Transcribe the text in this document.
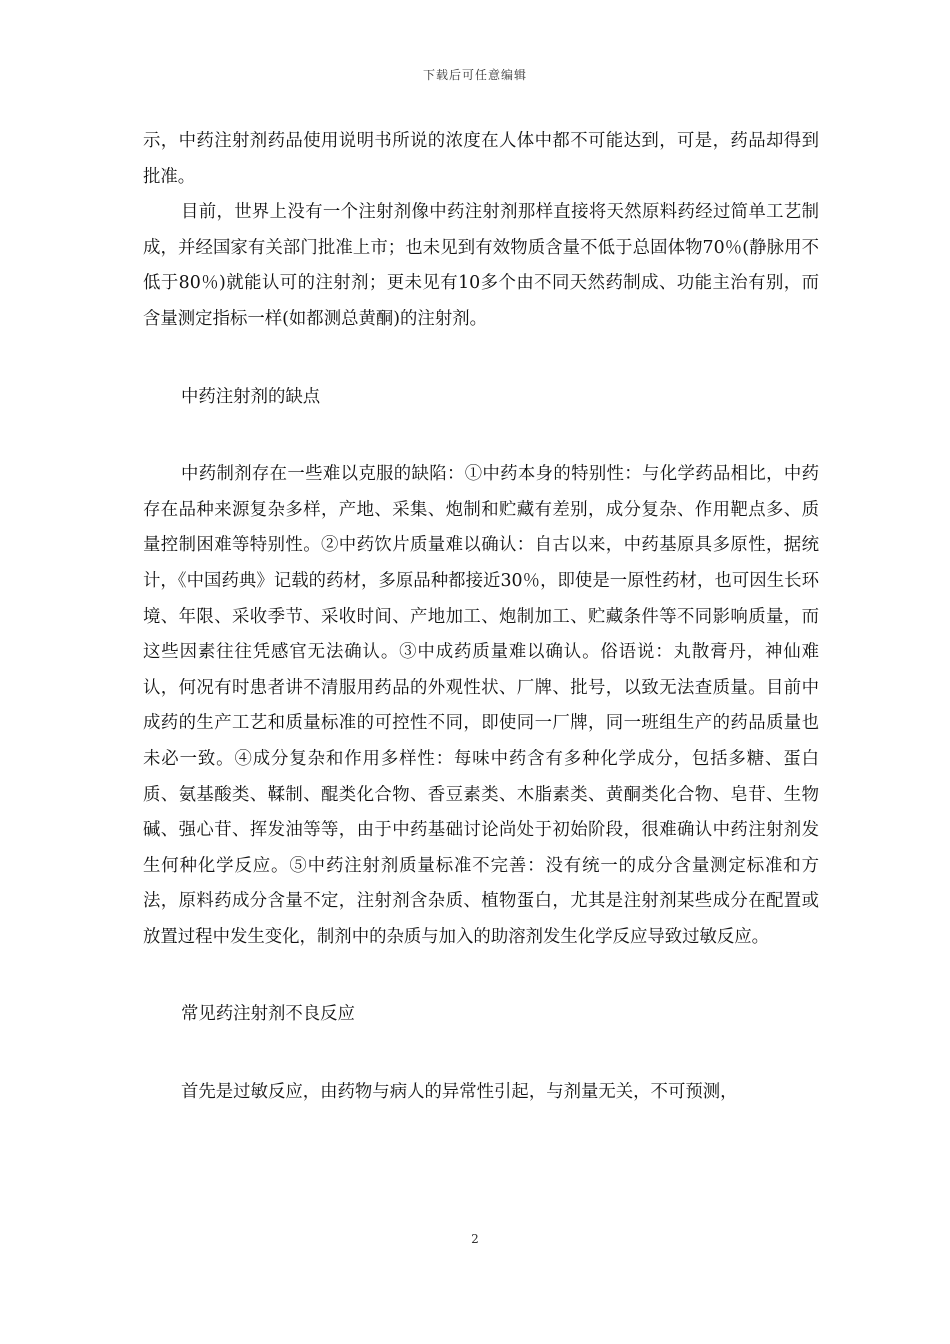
下载后可任意编辑

示，中药注射剂药品使用说明书所说的浓度在人体中都不可能达到，可是，药品却得到批准。

目前，世界上没有一个注射剂像中药注射剂那样直接将天然原料药经过简单工艺制成，并经国家有关部门批准上市；也未见到有效物质含量不低于总固体物70％(静脉用不低于80％)就能认可的注射剂；更未见有10多个由不同天然药制成、功能主治有别，而含量测定指标一样(如都测总黄酮)的注射剂。

中药注射剂的缺点

中药制剂存在一些难以克服的缺陷：①中药本身的特别性：与化学药品相比，中药存在品种来源复杂多样，产地、采集、炮制和贮藏有差别，成分复杂、作用靶点多、质量控制困难等特别性。②中药饮片质量难以确认：自古以来，中药基原具多原性，据统计，《中国药典》记载的药材，多原品种都接近30％，即使是一原性药材，也可因生长环境、年限、采收季节、采收时间、产地加工、炮制加工、贮藏条件等不同影响质量，而这些因素往往凭感官无法确认。③中成药质量难以确认。俗语说：丸散膏丹，神仙难认，何况有时患者讲不清服用药品的外观性状、厂牌、批号，以致无法查质量。目前中成药的生产工艺和质量标准的可控性不同，即使同一厂牌，同一班组生产的药品质量也未必一致。④成分复杂和作用多样性：每味中药含有多种化学成分，包括多糖、蛋白质、氨基酸类、鞣制、醌类化合物、香豆素类、木脂素类、黄酮类化合物、皂苷、生物碱、强心苷、挥发油等等，由于中药基础讨论尚处于初始阶段，很难确认中药注射剂发生何种化学反应。⑤中药注射剂质量标准不完善：没有统一的成分含量测定标准和方法，原料药成分含量不定，注射剂含杂质、植物蛋白，尤其是注射剂某些成分在配置或放置过程中发生变化，制剂中的杂质与加入的助溶剂发生化学反应导致过敏反应。

常见药注射剂不良反应

首先是过敏反应，由药物与病人的异常性引起，与剂量无关，不可预测，

2
